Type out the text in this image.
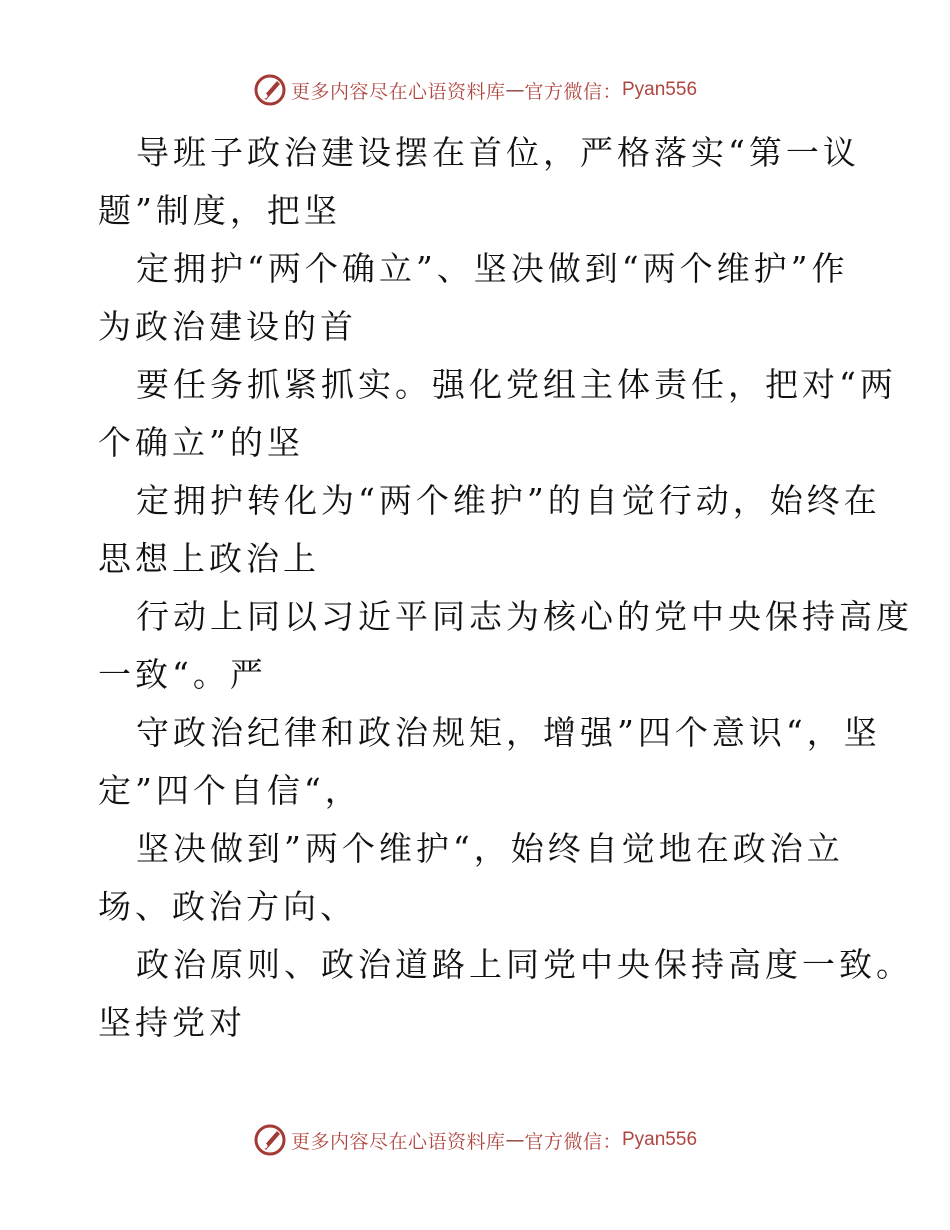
更多内容尽在心语资料库 — 官方微信： Pyan556

导班子政治建设摆在首位，严格落实“第一议
题”制度，把坚

定拥护“两个确立”、坚决做到“两个维护”作
为政治建设的首

要任务抓紧抓实。强化党组主体责任，把对“两
个确立”的坚

定拥护转化为“两个维护”的自觉行动，始终在
思想上政治上

行动上同以习近平同志为核心的党中央保持高度
一致“。严

守政治纪律和政治规矩，增强”四个意识“，坚
定”四个自信“，

坚决做到”两个维护“，始终自觉地在政治立
场、政治方向、

政治原则、政治道路上同党中央保持高度一致。
坚持党对

更多内容尽在心语资料库 — 官方微信： Pyan556
